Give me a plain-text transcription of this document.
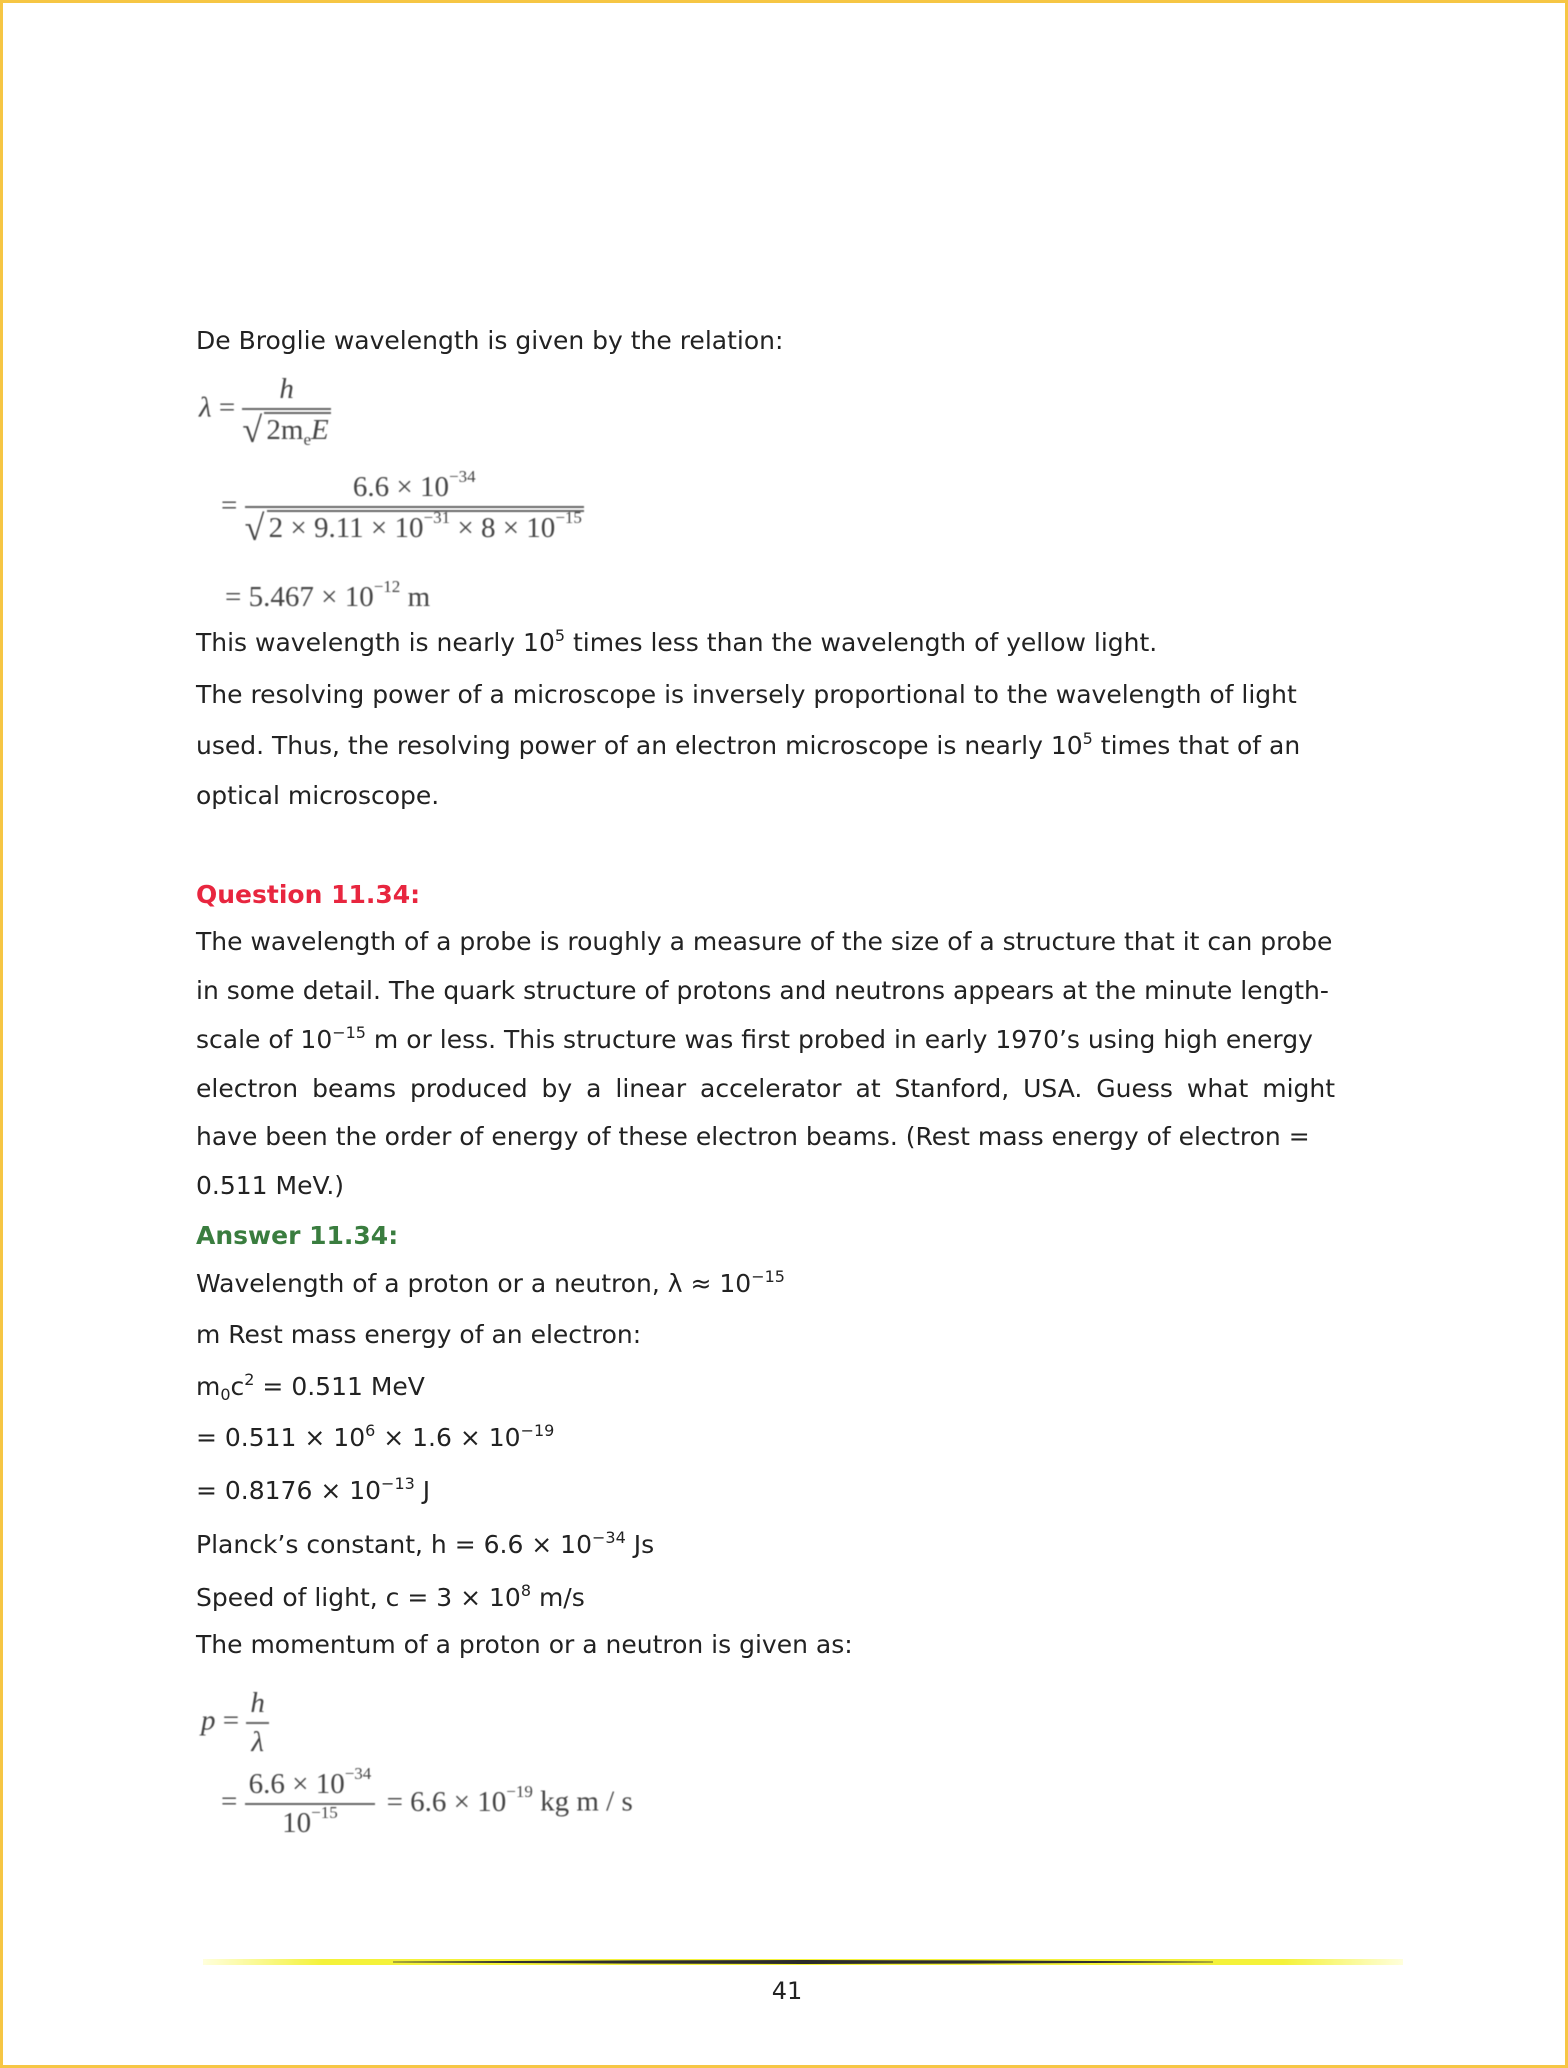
De Broglie wavelength is given by the relation:
$\lambda = \frac{h}{√ 2m_eE}$
= $\frac{6.6 \times 10^{-34}}{√ 2 \times 9.11 \times 10^{-31} \times 8 \times 10^{-15}}$
= $5.467 \times 10^{-12}$ m
This wavelength is nearly $10^5$ times less than the wavelength of yellow light.
The resolving power of a microscope is inversely proportional to the wavelength of light
used. Thus, the resolving power of an electron microscope is nearly $10^5$ times that of an
optical microscope.
Question 11.34:
The wavelength of a probe is roughly a measure of the size of a structure that it can probe
in some detail. The quark structure of protons and neutrons appears at the minute length-
scale of $10^{-15}$ m or less. This structure was first probed in early 1970’s using high energy
electron beams produced by a linear accelerator at Stanford, USA. Guess what might
have been the order of energy of these electron beams. (Rest mass energy of electron =
0.511 MeV.)
Answer 11.34:
Wavelength of a proton or a neutron, $\lambda \approx 10^{-15}$
m Rest mass energy of an electron:
$m_0c^2 = 0.511$ MeV
= $0.511 \times 10^6 \times 1.6 \times 10^{-19}$
= $0.8176 \times 10^{-13}$ J
Planck’s constant, $h = 6.6 \times 10^{-34}$ Js
Speed of light, $c = 3 \times 10^8$ m/s
The momentum of a proton or a neutron is given as:
$p = \frac{h}{\lambda}$
= $\frac{6.6 \times 10^{-34}}{10^{-15}} = 6.6 \times 10^{-19}$ kg m / s
41
